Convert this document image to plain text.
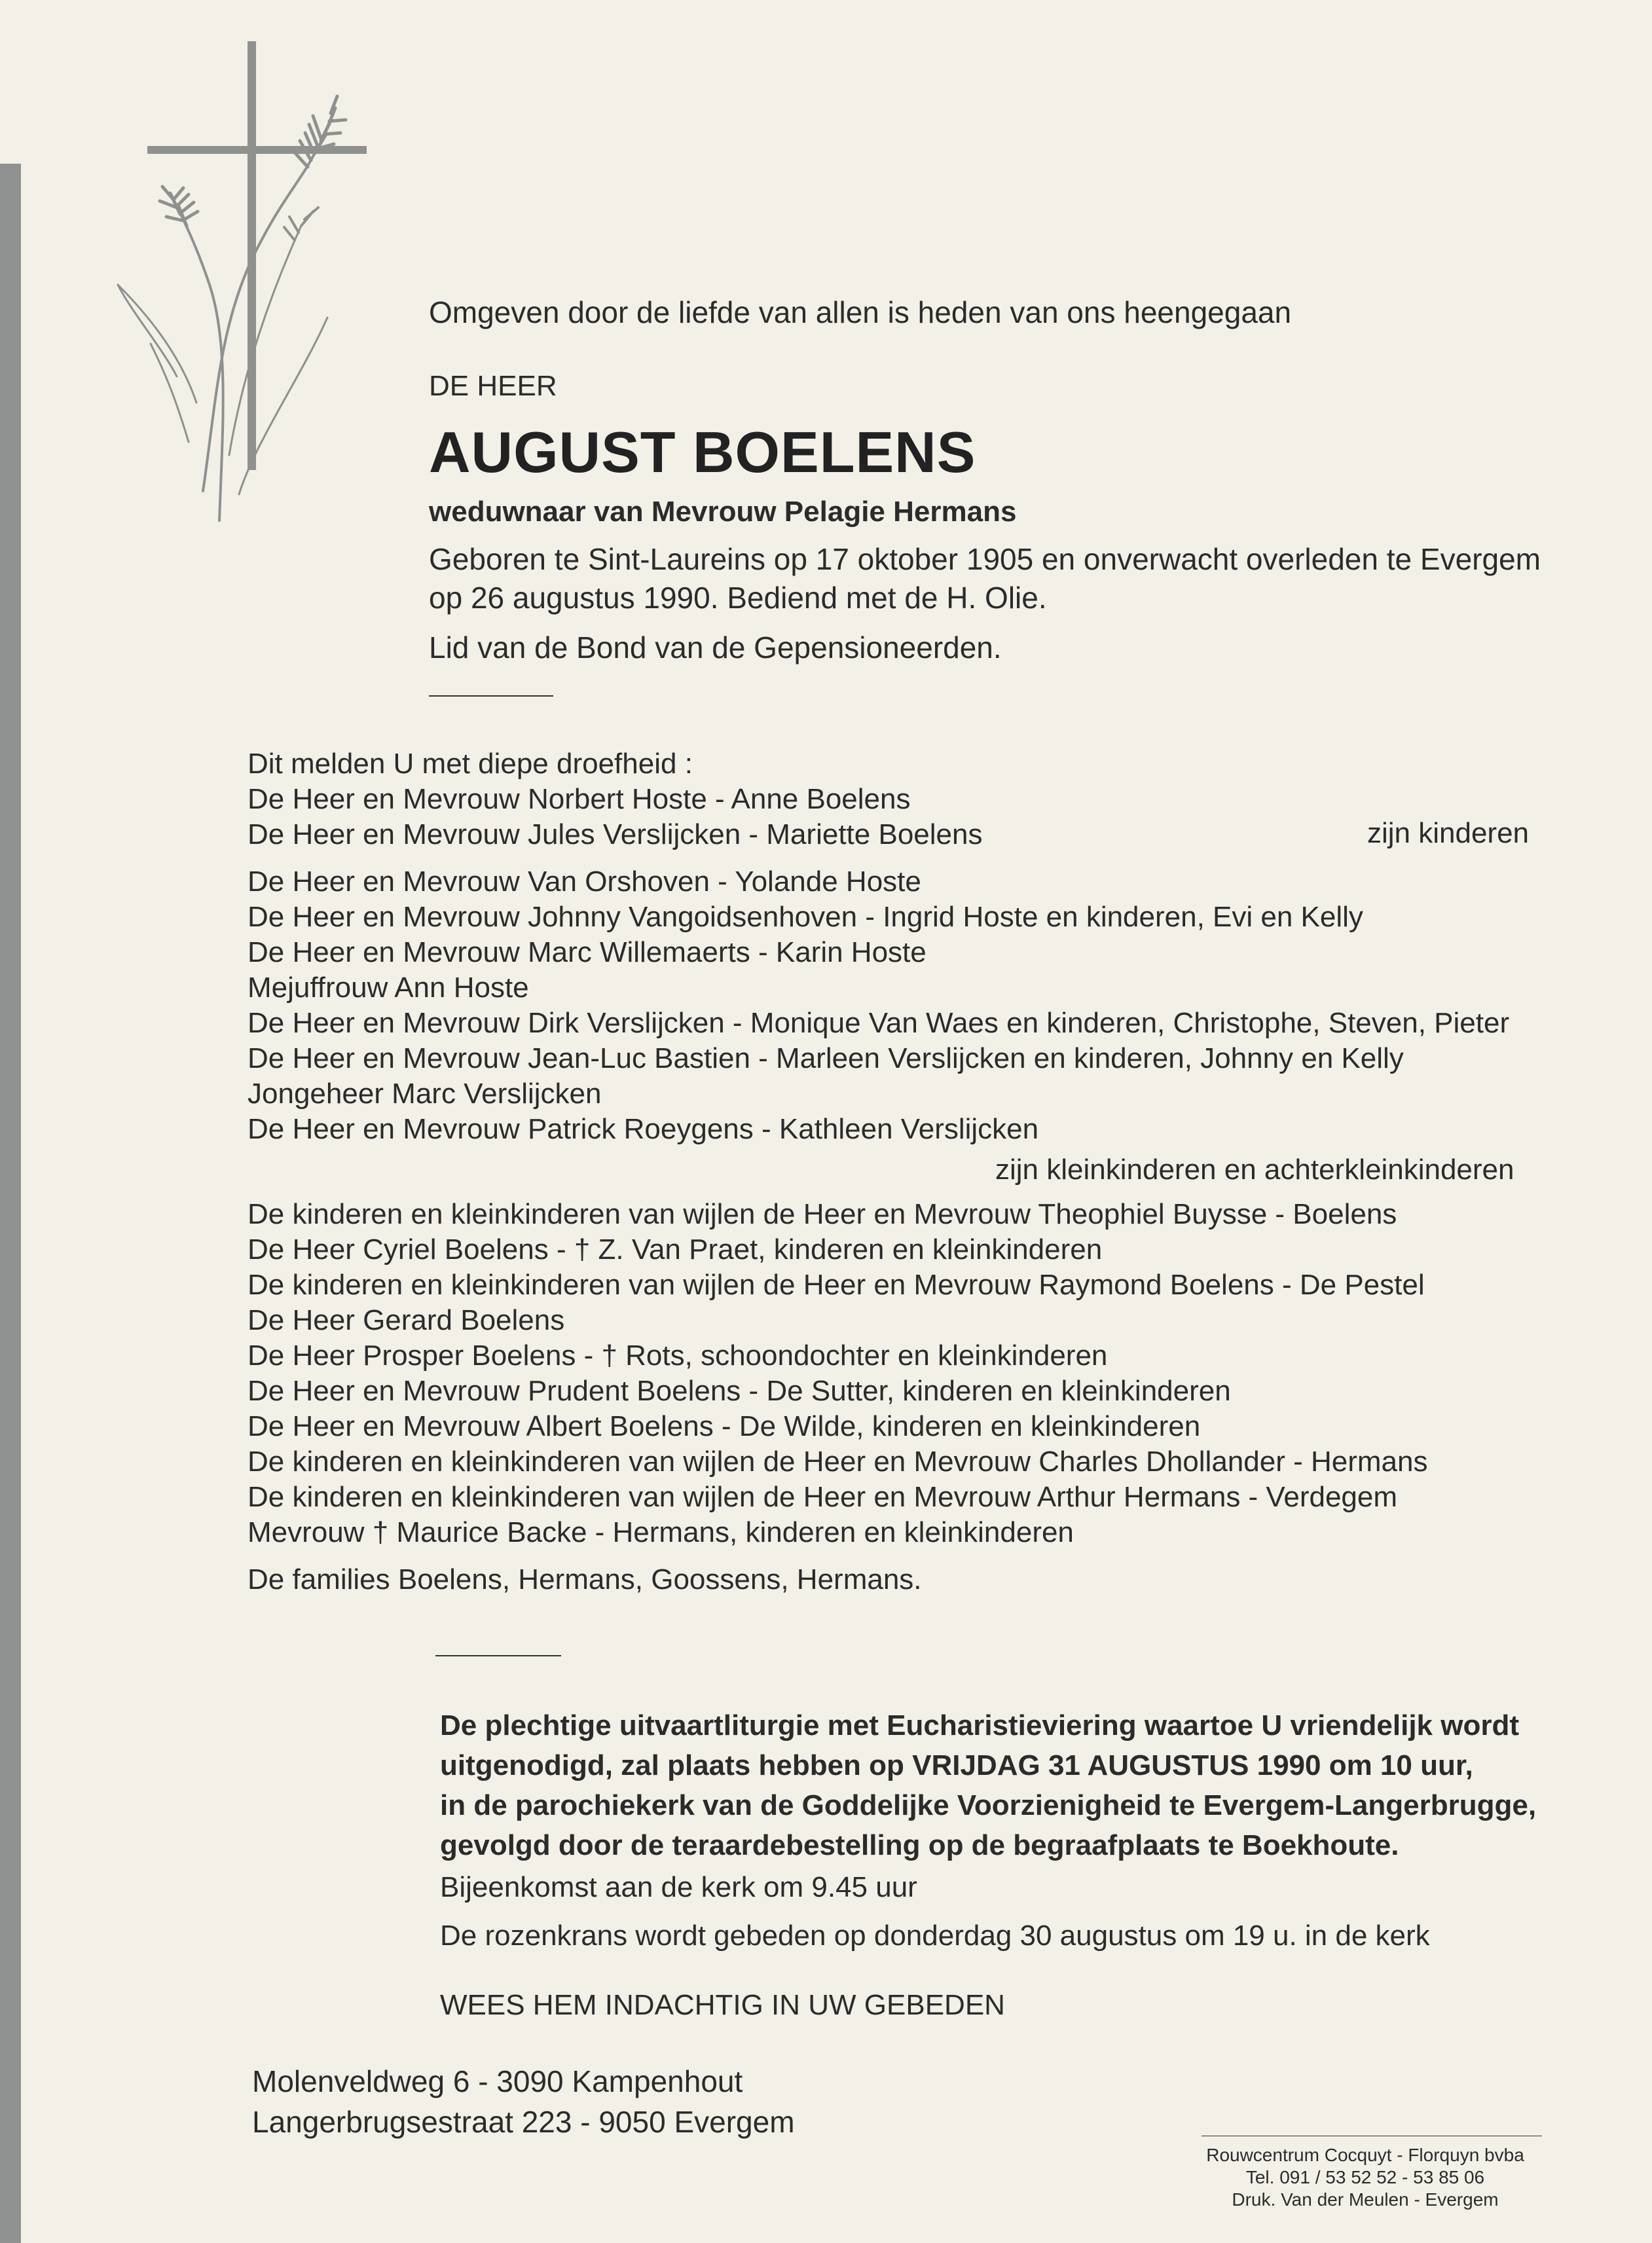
Omgeven door de liefde van allen is heden van ons heengegaan
DE HEER
AUGUST BOELENS
weduwnaar van Mevrouw Pelagie Hermans
Geboren te Sint-Laureins op 17 oktober 1905 en onverwacht overleden te Evergem
op 26 augustus 1990. Bediend met de H. Olie.
Lid van de Bond van de Gepensioneerden.
Dit melden U met diepe droefheid :
De Heer en Mevrouw Norbert Hoste - Anne Boelens
De Heer en Mevrouw Jules Verslijcken - Mariette Boelens
De Heer en Mevrouw Van Orshoven - Yolande Hoste
De Heer en Mevrouw Johnny Vangoidsenhoven - Ingrid Hoste en kinderen, Evi en Kelly
De Heer en Mevrouw Marc Willemaerts - Karin Hoste
Mejuffrouw Ann Hoste
De Heer en Mevrouw Dirk Verslijcken - Monique Van Waes en kinderen, Christophe, Steven, Pieter
De Heer en Mevrouw Jean-Luc Bastien - Marleen Verslijcken en kinderen, Johnny en Kelly
Jongeheer Marc Verslijcken
De Heer en Mevrouw Patrick Roeygens - Kathleen Verslijcken
De kinderen en kleinkinderen van wijlen de Heer en Mevrouw Theophiel Buysse - Boelens
De Heer Cyriel Boelens - † Z. Van Praet, kinderen en kleinkinderen
De kinderen en kleinkinderen van wijlen de Heer en Mevrouw Raymond Boelens - De Pestel
De Heer Gerard Boelens
De Heer Prosper Boelens - † Rots, schoondochter en kleinkinderen
De Heer en Mevrouw Prudent Boelens - De Sutter, kinderen en kleinkinderen
De Heer en Mevrouw Albert Boelens - De Wilde, kinderen en kleinkinderen
De kinderen en kleinkinderen van wijlen de Heer en Mevrouw Charles Dhollander - Hermans
De kinderen en kleinkinderen van wijlen de Heer en Mevrouw Arthur Hermans - Verdegem
Mevrouw † Maurice Backe - Hermans, kinderen en kleinkinderen
De families Boelens, Hermans, Goossens, Hermans.
zijn kinderen
zijn kleinkinderen en achterkleinkinderen
De plechtige uitvaartliturgie met Eucharistieviering waartoe U vriendelijk wordt
uitgenodigd, zal plaats hebben op VRIJDAG 31 AUGUSTUS 1990 om 10 uur,
in de parochiekerk van de Goddelijke Voorzienigheid te Evergem-Langerbrugge,
gevolgd door de teraardebestelling op de begraafplaats te Boekhoute.
Bijeenkomst aan de kerk om 9.45 uur
De rozenkrans wordt gebeden op donderdag 30 augustus om 19 u. in de kerk
WEES HEM INDACHTIG IN UW GEBEDEN
Molenveldweg 6 - 3090 Kampenhout
Langerbrugsestraat 223 - 9050 Evergem
Rouwcentrum Cocquyt - Florquyn bvba
Tel. 091 / 53 52 52 - 53 85 06
Druk. Van der Meulen - Evergem
